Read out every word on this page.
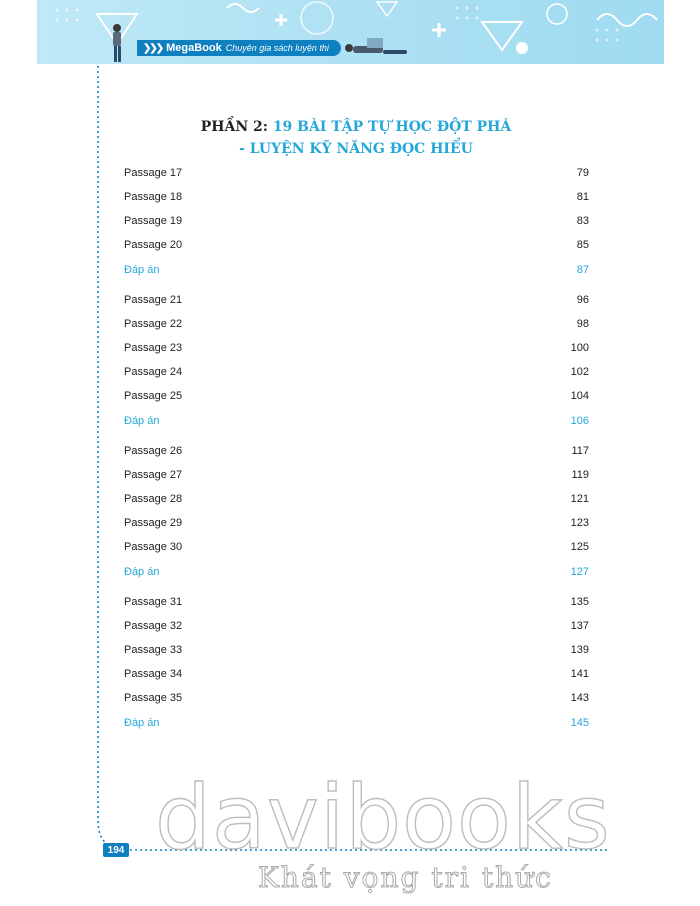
❯❯❯ MegaBook Chuyên gia sách luyện thi
PHẦN 2: 19 BÀI TẬP TỰ HỌC ĐỘT PHÁ
- LUYỆN KỸ NĂNG ĐỌC HIỂU
Passage 17	79
Passage 18	81
Passage 19	83
Passage 20	85
Đáp án	87
Passage 21	96
Passage 22	98
Passage 23	100
Passage 24	102
Passage 25	104
Đáp án	106
Passage 26	117
Passage 27	119
Passage 28	121
Passage 29	123
Passage 30	125
Đáp án	127
Passage 31	135
Passage 32	137
Passage 33	139
Passage 34	141
Passage 35	143
Đáp án	145
194 davibooks
Khát vọng tri thức
